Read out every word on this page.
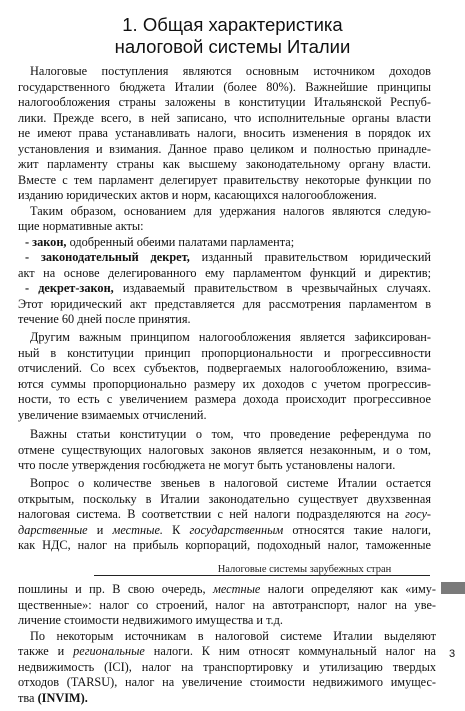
1. Общая характеристика
налоговой системы Италии
Налоговые поступления являются основным источником доходов
государственного бюджета Италии (более 80%). Важнейшие принципы
налогообложения страны заложены в конституции Итальянской Респуб-
лики. Прежде всего, в ней записано, что исполнительные органы власти
не имеют права устанавливать налоги, вносить изменения в порядок их
установления и взимания. Данное право целиком и полностью принадле-
жит парламенту страны как высшему законодательному органу власти.
Вместе с тем парламент делегирует правительству некоторые функции по
изданию юридических актов и норм, касающихся налогообложения.
Таким образом, основанием для удержания налогов являются следую-
щие нормативные акты:
- закон, одобренный обеими палатами парламента;
- законодательный декрет, изданный правительством юридический
акт на основе делегированного ему парламентом функций и директив;
- декрет-закон, издаваемый правительством в чрезвычайных случаях.
Этот юридический акт представляется для рассмотрения парламентом в
течение 60 дней после принятия.
Другим важным принципом налогообложения является зафиксирован-
ный в конституции принцип пропорциональности и прогрессивности
отчислений. Со всех субъектов, подвергаемых налогообложению, взима-
ются суммы пропорционально размеру их доходов с учетом прогрессив-
ности, то есть с увеличением размера дохода происходит прогрессивное
увеличение взимаемых отчислений.
Важны статьи конституции о том, что проведение референдума по
отмене существующих налоговых законов является незаконным, и о том,
что после утверждения госбюджета не могут быть установлены налоги.
Вопрос о количестве звеньев в налоговой системе Италии остается
открытым, поскольку в Италии законодательно существует двухзвенная
налоговая система. В соответствии с ней налоги подразделяются на госу-
дарственные и местные. К государственным относятся такие налоги,
как НДС, налог на прибыль корпораций, подоходный налог, таможенные
Налоговые системы зарубежных стран
пошлины и пр. В свою очередь, местные налоги определяют как «иму-
щественные»: налог со строений, налог на автотранспорт, налог на уве-
личение стоимости недвижимого имущества и т.д.
По некоторым источникам в налоговой системе Италии выделяют
также и региональные налоги. К ним относят коммунальный налог на
недвижимость (ICI), налог на транспортировку и утилизацию твердых
отходов (TARSU), налог на увеличение стоимости недвижимого имущес-
тва (INVIM).
3
